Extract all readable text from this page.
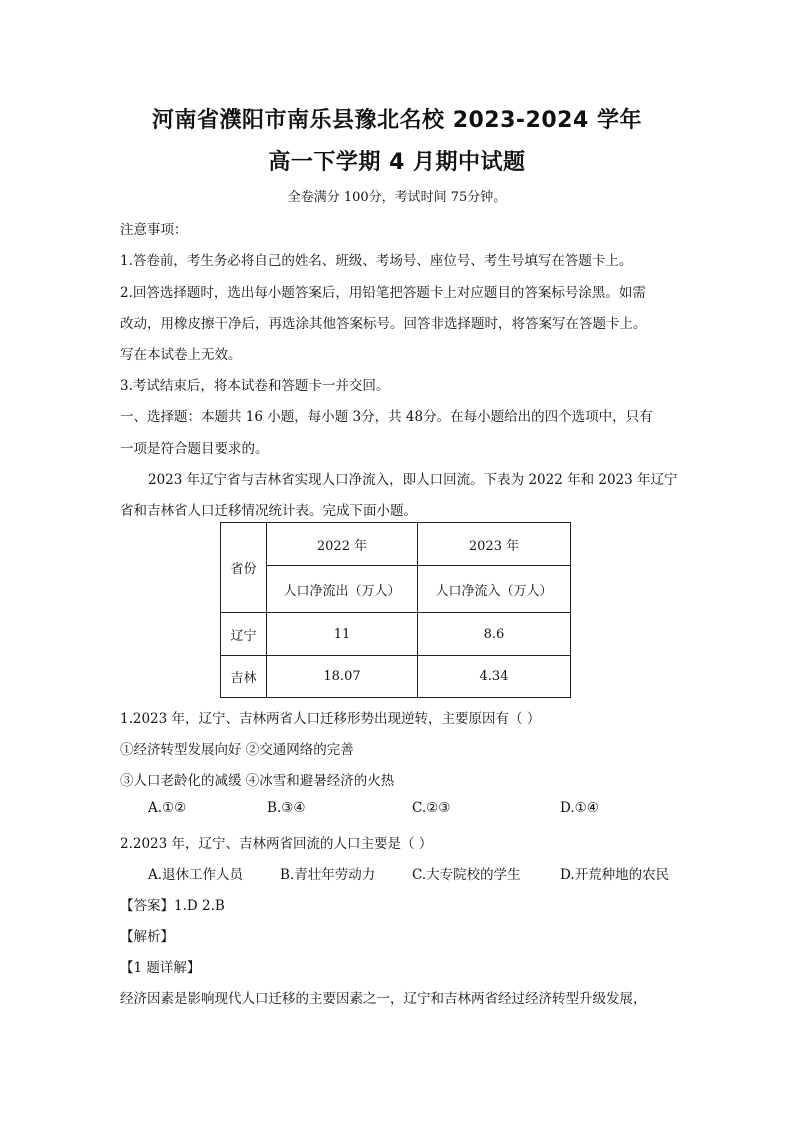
河南省濮阳市南乐县豫北名校 2023-2024 学年
高一下学期 4 月期中试题
全卷满分 100分，考试时间 75分钟。
注意事项：
1.答卷前，考生务必将自己的姓名、班级、考场号、座位号、考生号填写在答题卡上。
2.回答选择题时，选出每小题答案后，用铅笔把答题卡上对应题目的答案标号涂黑。如需
改动，用橡皮擦干净后，再选涂其他答案标号。回答非选择题时，将答案写在答题卡上。
写在本试卷上无效。
3.考试结束后，将本试卷和答题卡一并交回。
一、选择题：本题共 16 小题，每小题 3分，共 48分。在每小题给出的四个选项中，只有
一项是符合题目要求的。
2023 年辽宁省与吉林省实现人口净流入，即人口回流。下表为 2022 年和 2023 年辽宁
省和吉林省人口迁移情况统计表。完成下面小题。
省份	2022 年	2023 年
	人口净流出（万人）	人口净流入（万人）
辽宁	11	8.6
吉林	18.07	4.34
1.2023 年，辽宁、吉林两省人口迁移形势出现逆转，主要原因有（ ）
①经济转型发展向好 ②交通网络的完善
③人口老龄化的减缓 ④冰雪和避暑经济的火热
A.①②	B.③④	C.②③	D.①④
2.2023 年，辽宁、吉林两省回流的人口主要是（ ）
A.退休工作人员	B.青壮年劳动力	C.大专院校的学生	D.开荒种地的农民
【答案】1.D 2.B
【解析】
【1 题详解】
经济因素是影响现代人口迁移的主要因素之一，辽宁和吉林两省经过经济转型升级发展，
